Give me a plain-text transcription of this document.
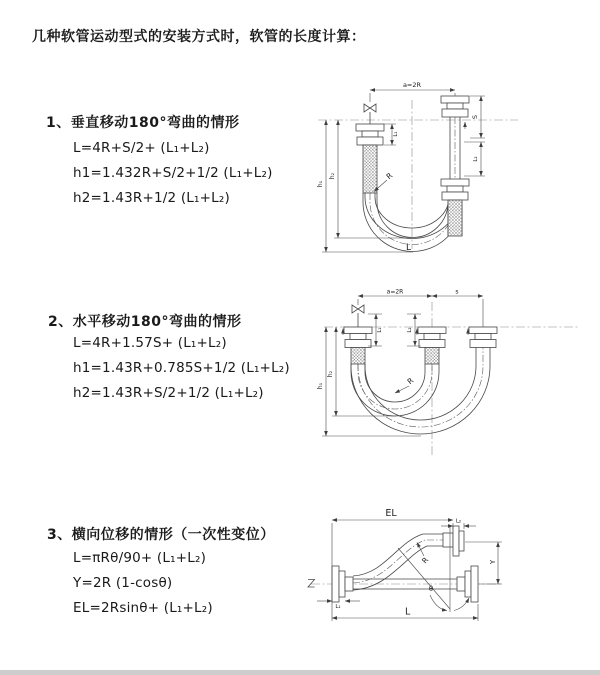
几种软管运动型式的安装方式时，软管的长度计算：
1、垂直移动180°弯曲的情形
L=4R+S/2+ (L₁+L₂)
h1=1.432R+S/2+1/2 (L₁+L₂)
h2=1.43R+1/2 (L₁+L₂)
2、水平移动180°弯曲的情形
L=4R+1.57S+ (L₁+L₂)
h1=1.43R+0.785S+1/2 (L₁+L₂)
h2=1.43R+S/2+1/2 (L₁+L₂)
3、横向位移的情形（一次性变位）
L=πRθ/90+ (L₁+L₂)
Y=2R (1-cosθ)
EL=2Rsinθ+ (L₁+L₂)
a=2R
L₁
S
L₂
h₁
h₂	R
L
a=2R	s
L₁	L₂
h₁
h₂
R
EL
L₂
Y
L
L₁
θ
R
